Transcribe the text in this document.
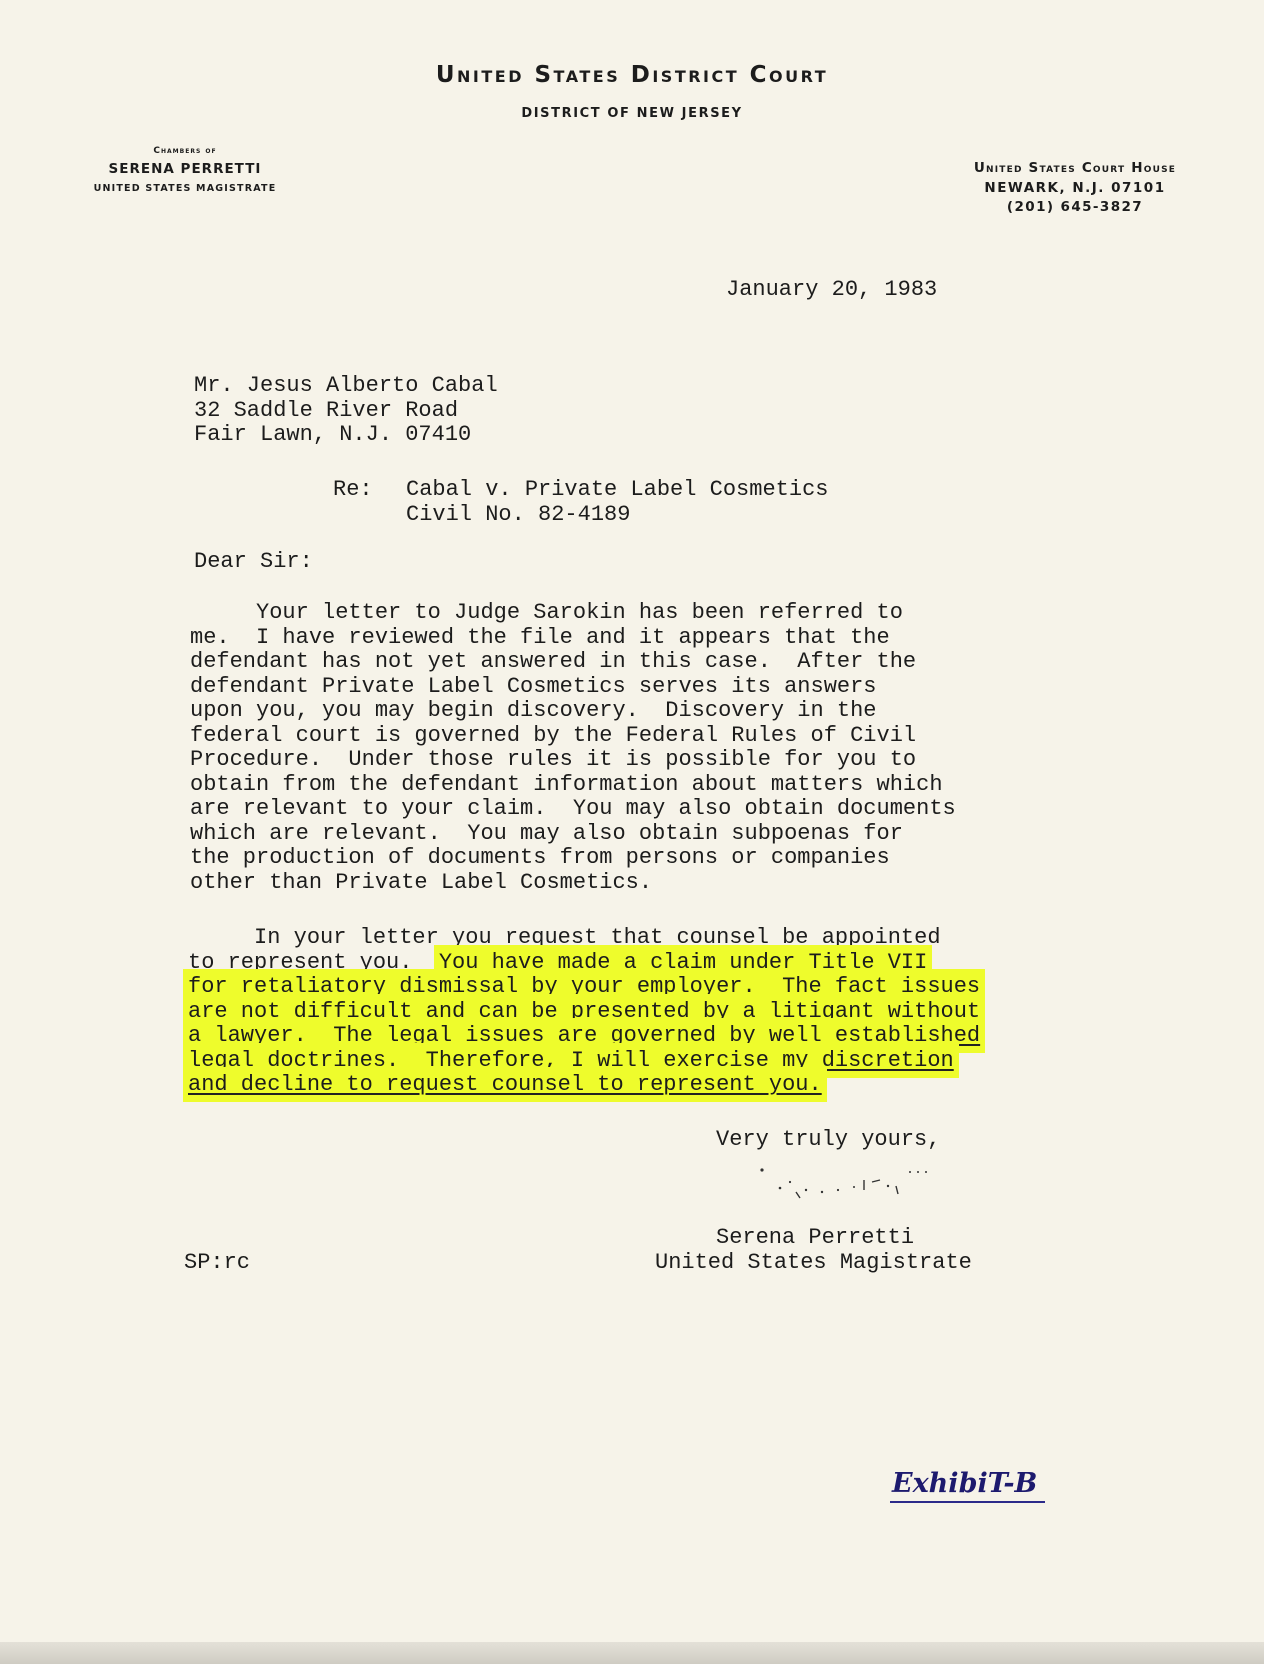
United States District Court
DISTRICT OF NEW JERSEY
Chambers of
SERENA PERRETTI
UNITED STATES MAGISTRATE
United States Court House
NEWARK, N.J. 07101
(201) 645-3827
January 20, 1983
Mr. Jesus Alberto Cabal
32 Saddle River Road
Fair Lawn, N.J. 07410
Re: Cabal v. Private Label Cosmetics
Civil No. 82-4189
Dear Sir:
Your letter to Judge Sarokin has been referred to
me.  I have reviewed the file and it appears that the
defendant has not yet answered in this case.  After the
defendant Private Label Cosmetics serves its answers
upon you, you may begin discovery.  Discovery in the
federal court is governed by the Federal Rules of Civil
Procedure.  Under those rules it is possible for you to
obtain from the defendant information about matters which
are relevant to your claim.  You may also obtain documents
which are relevant.  You may also obtain subpoenas for
the production of documents from persons or companies
other than Private Label Cosmetics.
In your letter you request that counsel be appointed
to represent you.  You have made a claim under Title VII
for retaliatory dismissal by your employer.  The fact issues
are not difficult and can be presented by a litigant without
a lawyer.  The legal issues are governed by well established
legal doctrines.  Therefore, I will exercise my discretion
and decline to request counsel to represent you.
Very truly yours,
Serena Perretti
United States Magistrate
SP:rc
ExhibiT-B
